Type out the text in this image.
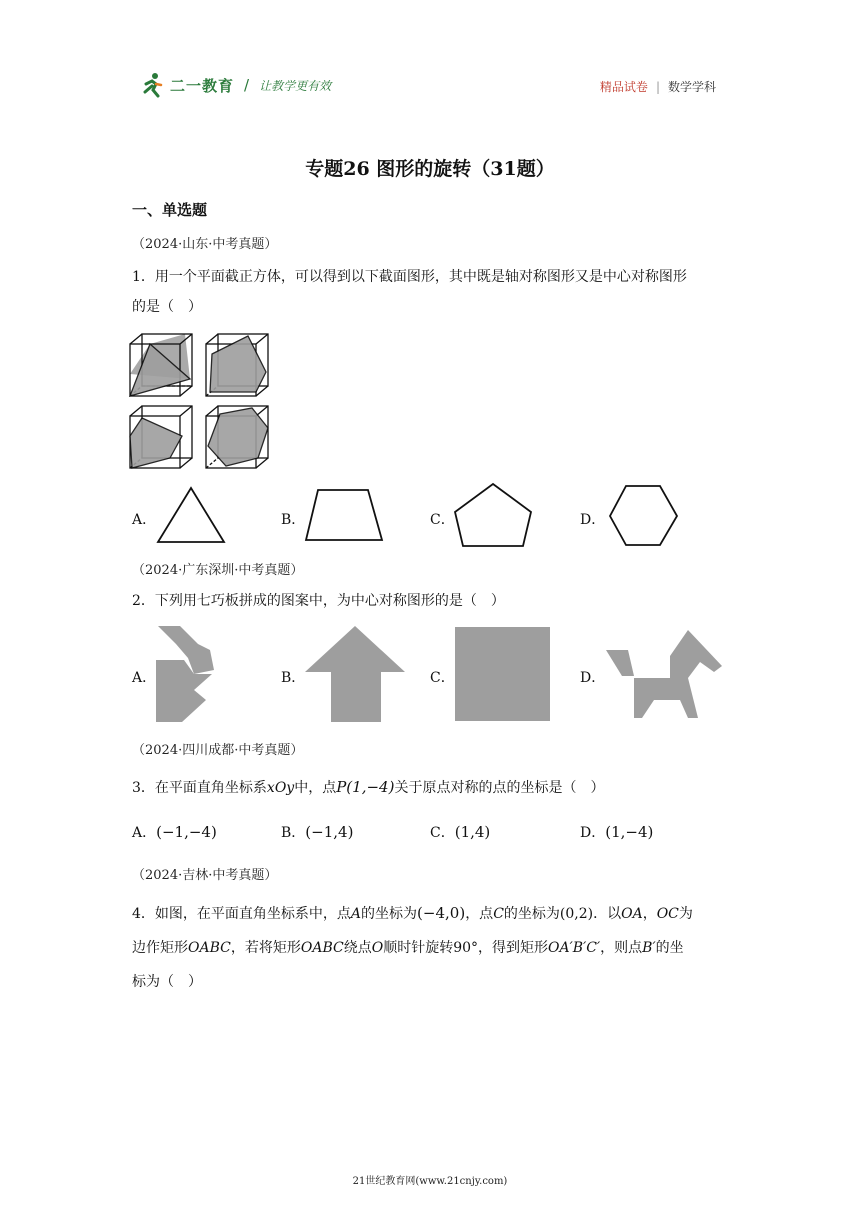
二一教育 / 让教学更有效	精品试卷 | 数学学科
专题26 图形的旋转（31题）
一、单选题
（2024·山东·中考真题）
1．用一个平面截正方体，可以得到以下截面图形，其中既是轴对称图形又是中心对称图形
的是（　）
A．	B．	C．	D．
（2024·广东深圳·中考真题）
2．下列用七巧板拼成的图案中，为中心对称图形的是（　）
A．	B．	C．	D．
（2024·四川成都·中考真题）
3．在平面直角坐标系xOy中，点P(1,−4)关于原点对称的点的坐标是（　）
A．(−1,−4)	B．(−1,4)	C．(1,4)	D．(1,−4)
（2024·吉林·中考真题）
4．如图，在平面直角坐标系中，点A的坐标为(−4,0)，点C的坐标为(0,2)．以OA，OC为
边作矩形OABC，若将矩形OABC绕点O顺时针旋转90°，得到矩形OA′B′C′，则点B′的坐
标为（　）
21世纪教育网(www.21cnjy.com)
